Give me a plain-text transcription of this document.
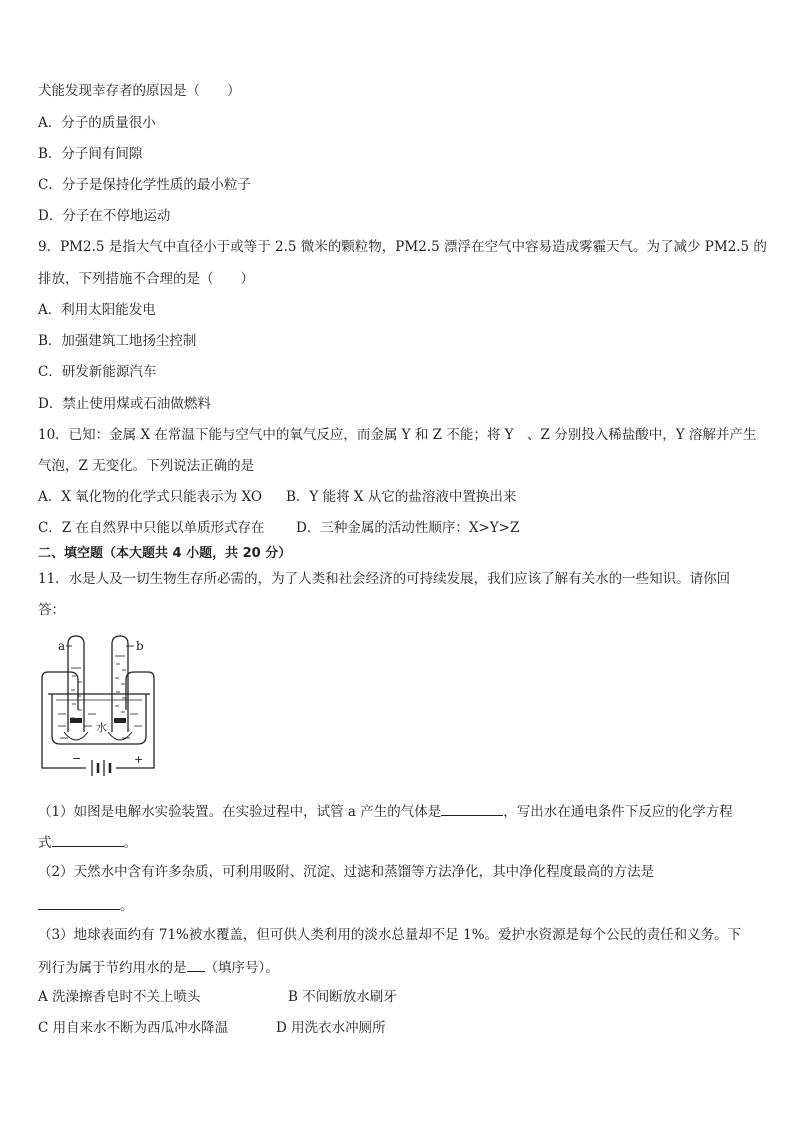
犬能发现幸存者的原因是（　　）
A．分子的质量很小
B．分子间有间隙
C．分子是保持化学性质的最小粒子
D．分子在不停地运动
9．PM2.5 是指大气中直径小于或等于 2.5 微米的颗粒物，PM2.5 漂浮在空气中容易造成雾霾天气。为了减少 PM2.5 的
排放，下列措施不合理的是（　　）
A．利用太阳能发电
B．加强建筑工地扬尘控制
C．研发新能源汽车
D．禁止使用煤或石油做燃料
10．已知：金属 X 在常温下能与空气中的氧气反应，而金属 Y 和 Z 不能；将 Y　、Z 分别投入稀盐酸中，Y 溶解并产生
气泡，Z 无变化。下列说法正确的是
A．X 氧化物的化学式只能表示为 XO B．Y 能将 X 从它的盐溶液中置换出来
C．Z 在自然界中只能以单质形式存在 D．三种金属的活动性顺序：X>Y>Z
二、填空题（本大题共 4 小题，共 20 分）
11．水是人及一切生物生存所必需的，为了人类和社会经济的可持续发展，我们应该了解有关水的一些知识。请你回
答：
−	+
水
a	b
（1）如图是电解水实验装置。在实验过程中，试管 a 产生的气体是	，写出水在通电条件下反应的化学方程
式	。
（2）天然水中含有许多杂质，可利用吸附、沉淀、过滤和蒸馏等方法净化，其中净化程度最高的方法是
。
（3）地球表面约有 71%被水覆盖，但可供人类利用的淡水总量却不足 1%。爱护水资源是每个公民的责任和义务。下
列行为属于节约用水的是 （填序号）。
A 洗澡擦香皂时不关上喷头	B 不间断放水刷牙
C 用自来水不断为西瓜冲水降温	D 用洗衣水冲厕所
